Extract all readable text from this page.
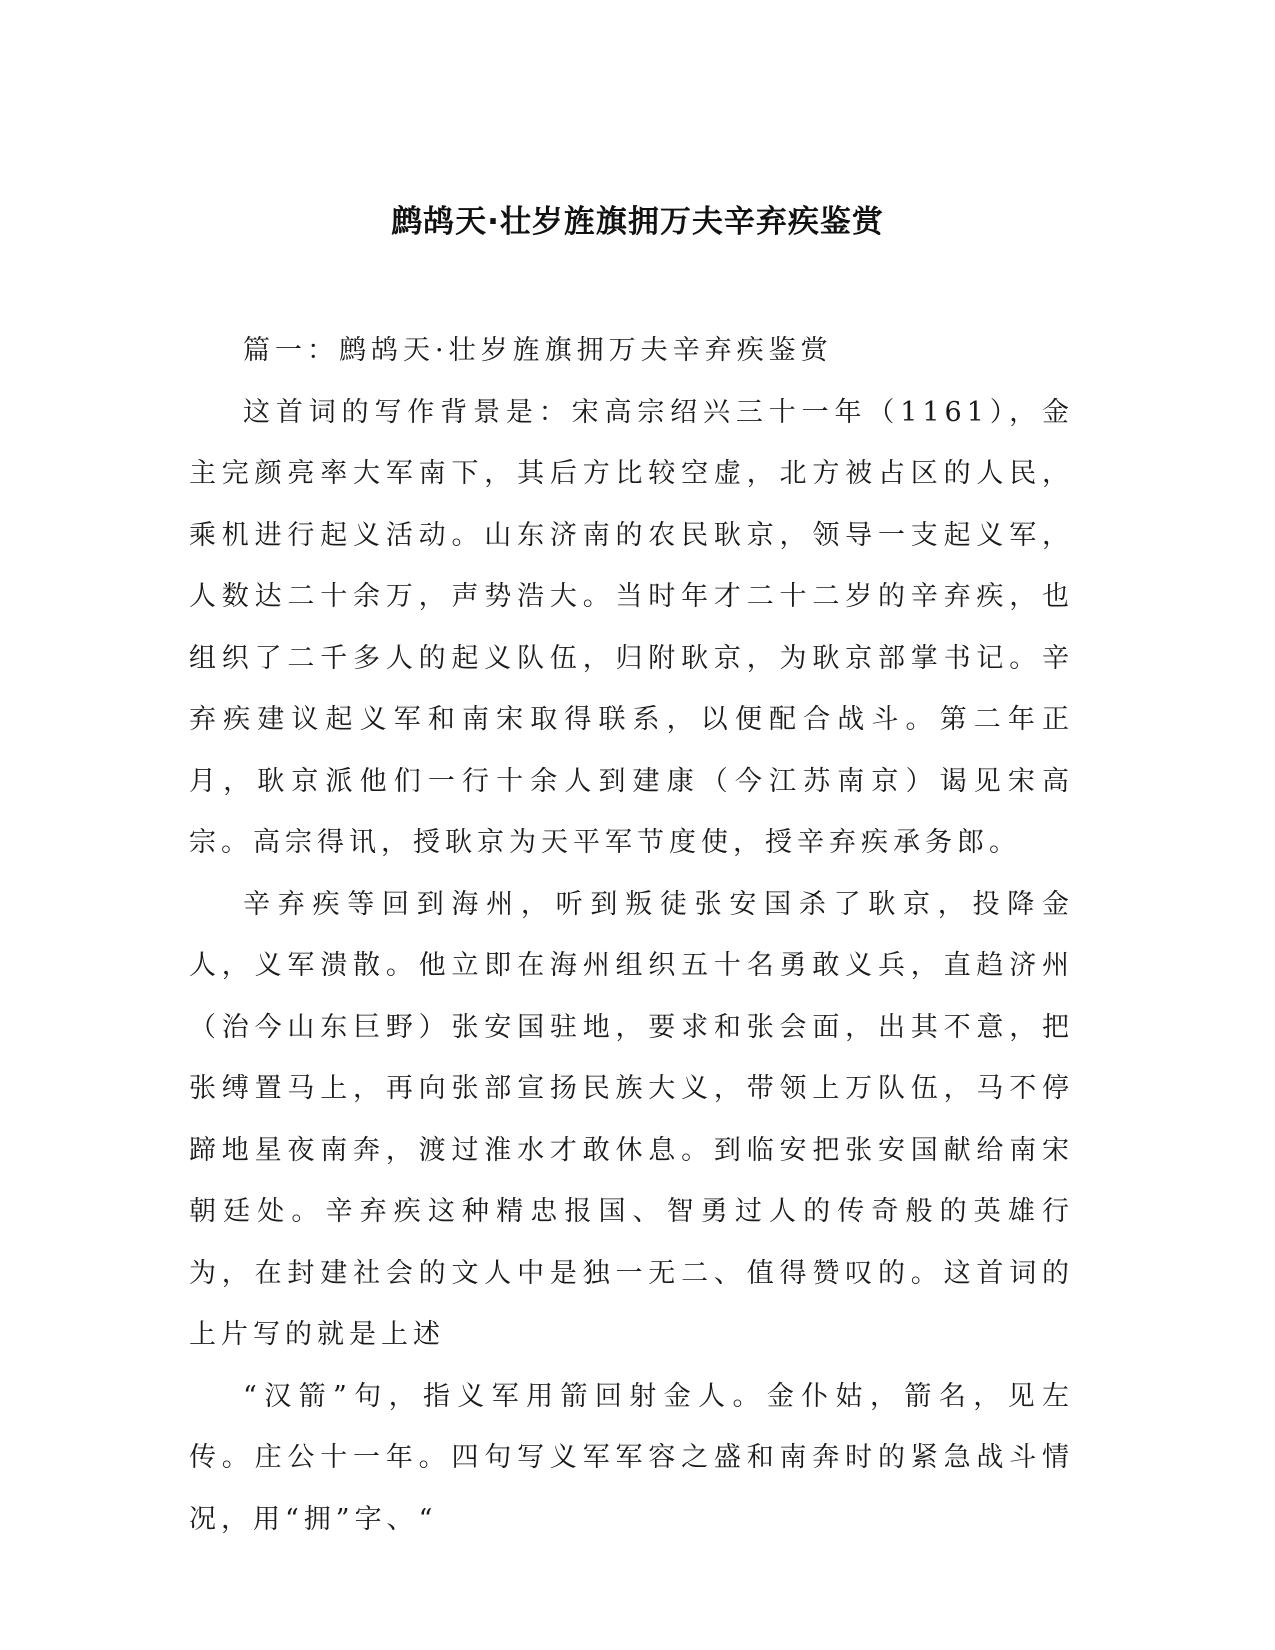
鹧鸪天·壮岁旌旗拥万夫辛弃疾鉴赏

篇一：鹧鸪天·壮岁旌旗拥万夫辛弃疾鉴赏

这首词的写作背景是：宋高宗绍兴三十一年（1161），金主完颜亮率大军南下，其后方比较空虚，北方被占区的人民，乘机进行起义活动。山东济南的农民耿京，领导一支起义军，人数达二十余万，声势浩大。当时年才二十二岁的辛弃疾，也组织了二千多人的起义队伍，归附耿京，为耿京部掌书记。辛弃疾建议起义军和南宋取得联系，以便配合战斗。第二年正月，耿京派他们一行十余人到建康（今江苏南京）谒见宋高宗。高宗得讯，授耿京为天平军节度使，授辛弃疾承务郎。

辛弃疾等回到海州，听到叛徒张安国杀了耿京，投降金人，义军溃散。他立即在海州组织五十名勇敢义兵，直趋济州（治今山东巨野）张安国驻地，要求和张会面，出其不意，把张缚置马上，再向张部宣扬民族大义，带领上万队伍，马不停蹄地星夜南奔，渡过淮水才敢休息。到临安把张安国献给南宋朝廷处。辛弃疾这种精忠报国、智勇过人的传奇般的英雄行为，在封建社会的文人中是独一无二、值得赞叹的。这首词的上片写的就是上述

“汉箭”句，指义军用箭回射金人。金仆姑，箭名，见左传。庄公十一年。四句写义军军容之盛和南奔时的紧急战斗情况，用“拥”字、“
